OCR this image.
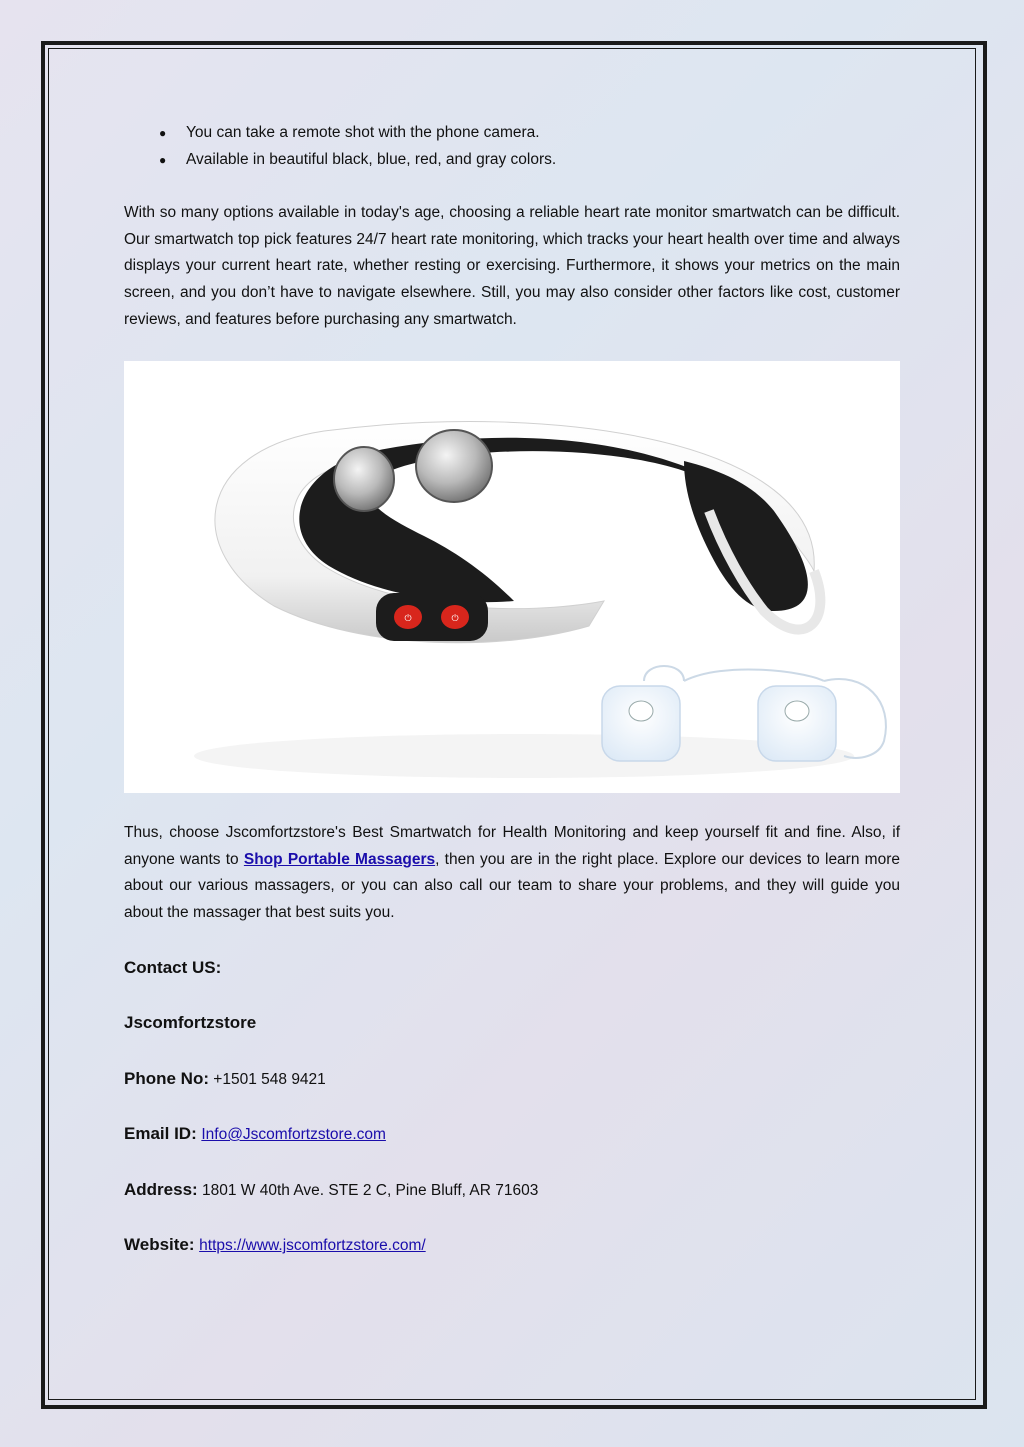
● You can take a remote shot with the phone camera.
● Available in beautiful black, blue, red, and gray colors.

With so many options available in today's age, choosing a reliable heart rate monitor smartwatch can be difficult. Our smartwatch top pick features 24/7 heart rate monitoring, which tracks your heart health over time and always displays your current heart rate, whether resting or exercising. Furthermore, it shows your metrics on the main screen, and you don’t have to navigate elsewhere. Still, you may also consider other factors like cost, customer reviews, and features before purchasing any smartwatch.

⏻	⏻

Thus, choose Jscomfortzstore's Best Smartwatch for Health Monitoring and keep yourself fit and fine. Also, if anyone wants to Shop Portable Massagers, then you are in the right place. Explore our devices to learn more about our various massagers, or you can also call our team to share your problems, and they will guide you about the massager that best suits you.

Contact US:
Jscomfortzstore
Phone No: +1501 548 9421
Email ID: Info@Jscomfortzstore.com
Address: 1801 W 40th Ave. STE 2 C, Pine Bluff, AR 71603
Website: https://www.jscomfortzstore.com/
